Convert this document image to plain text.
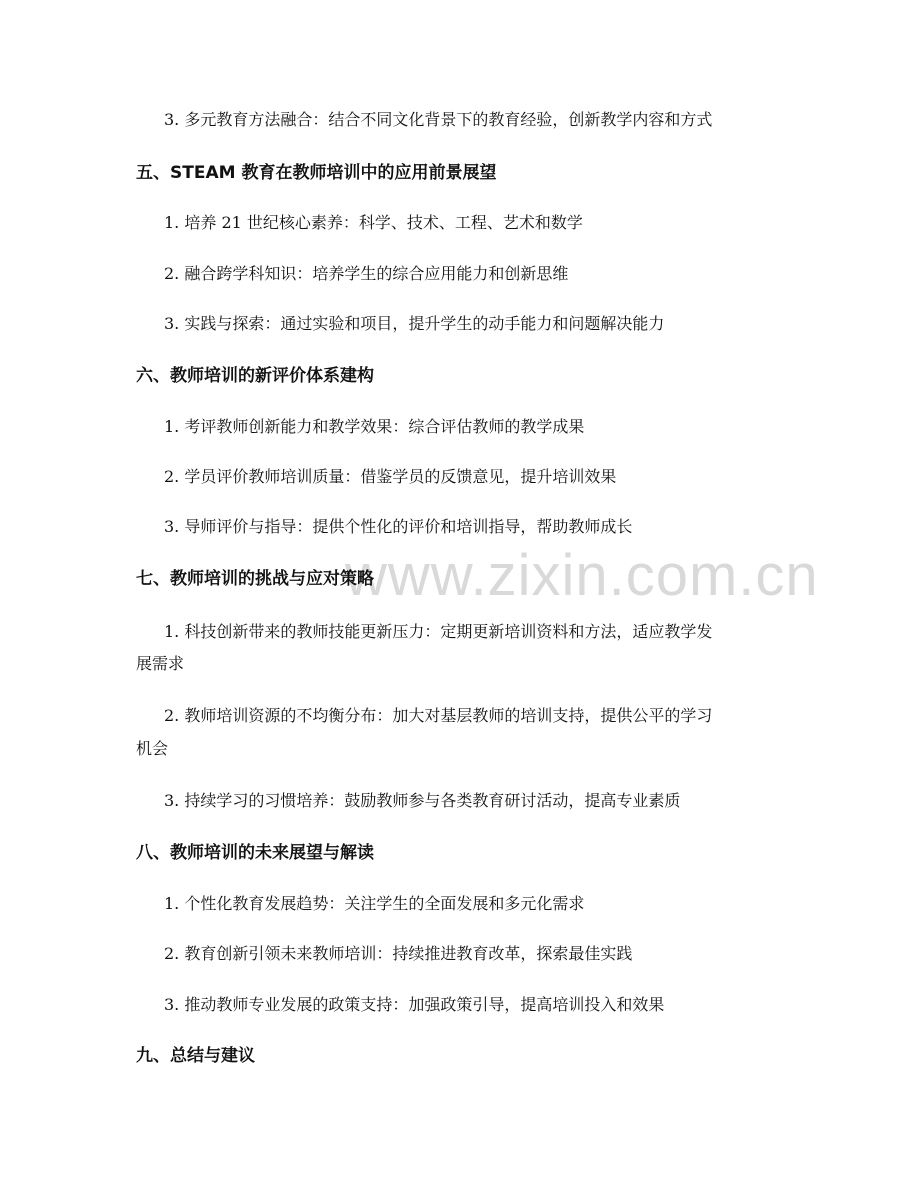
www.zixin.com.cn
3. 多元教育方法融合：结合不同文化背景下的教育经验，创新教学内容和方式
五、STEAM 教育在教师培训中的应用前景展望
1. 培养 21 世纪核心素养：科学、技术、工程、艺术和数学
2. 融合跨学科知识：培养学生的综合应用能力和创新思维
3. 实践与探索：通过实验和项目，提升学生的动手能力和问题解决能力
六、教师培训的新评价体系建构
1. 考评教师创新能力和教学效果：综合评估教师的教学成果
2. 学员评价教师培训质量：借鉴学员的反馈意见，提升培训效果
3. 导师评价与指导：提供个性化的评价和培训指导，帮助教师成长
七、教师培训的挑战与应对策略
1. 科技创新带来的教师技能更新压力：定期更新培训资料和方法，适应教学发
展需求
2. 教师培训资源的不均衡分布：加大对基层教师的培训支持，提供公平的学习
机会
3. 持续学习的习惯培养：鼓励教师参与各类教育研讨活动，提高专业素质
八、教师培训的未来展望与解读
1. 个性化教育发展趋势：关注学生的全面发展和多元化需求
2. 教育创新引领未来教师培训：持续推进教育改革，探索最佳实践
3. 推动教师专业发展的政策支持：加强政策引导，提高培训投入和效果
九、总结与建议
